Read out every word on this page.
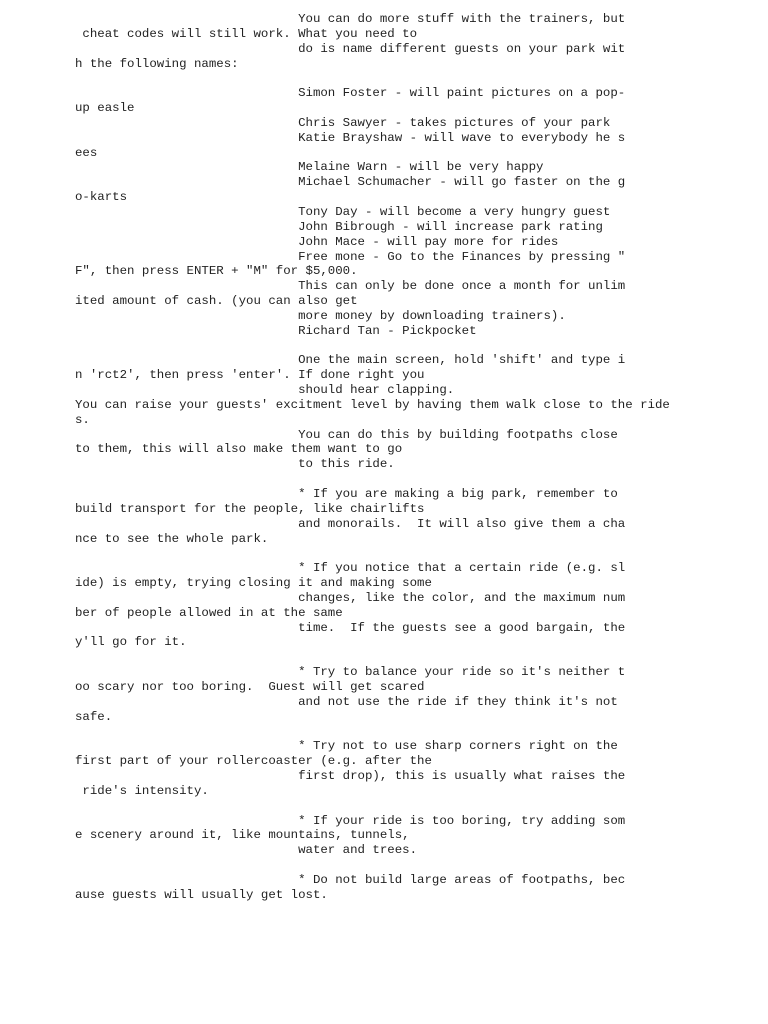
You can do more stuff with the trainers, but
cheat codes will still work. What you need to
do is name different guests on your park wit
h the following names:
Simon Foster - will paint pictures on a pop-
up easle
Chris Sawyer - takes pictures of your park
Katie Brayshaw - will wave to everybody he s
ees
Melaine Warn - will be very happy
Michael Schumacher - will go faster on the g
o-karts
Tony Day - will become a very hungry guest
John Bibrough - will increase park rating
John Mace - will pay more for rides
Free mone - Go to the Finances by pressing "
F", then press ENTER + "M" for $5,000.
This can only be done once a month for unlim
ited amount of cash. (you can also get
more money by downloading trainers).
Richard Tan - Pickpocket
One the main screen, hold 'shift' and type i
n 'rct2', then press 'enter'. If done right you
should hear clapping.
You can raise your guests' excitment level by having them walk close to the ride
s.
You can do this by building footpaths close
to them, this will also make them want to go
to this ride.
* If you are making a big park, remember to
build transport for the people, like chairlifts
and monorails.  It will also give them a cha
nce to see the whole park.
* If you notice that a certain ride (e.g. sl
ide) is empty, trying closing it and making some
changes, like the color, and the maximum num
ber of people allowed in at the same
time.  If the guests see a good bargain, the
y'll go for it.
* Try to balance your ride so it's neither t
oo scary nor too boring.  Guest will get scared
and not use the ride if they think it's not
safe.
* Try not to use sharp corners right on the
first part of your rollercoaster (e.g. after the
first drop), this is usually what raises the
ride's intensity.
* If your ride is too boring, try adding som
e scenery around it, like mountains, tunnels,
water and trees.
* Do not build large areas of footpaths, bec
ause guests will usually get lost.
